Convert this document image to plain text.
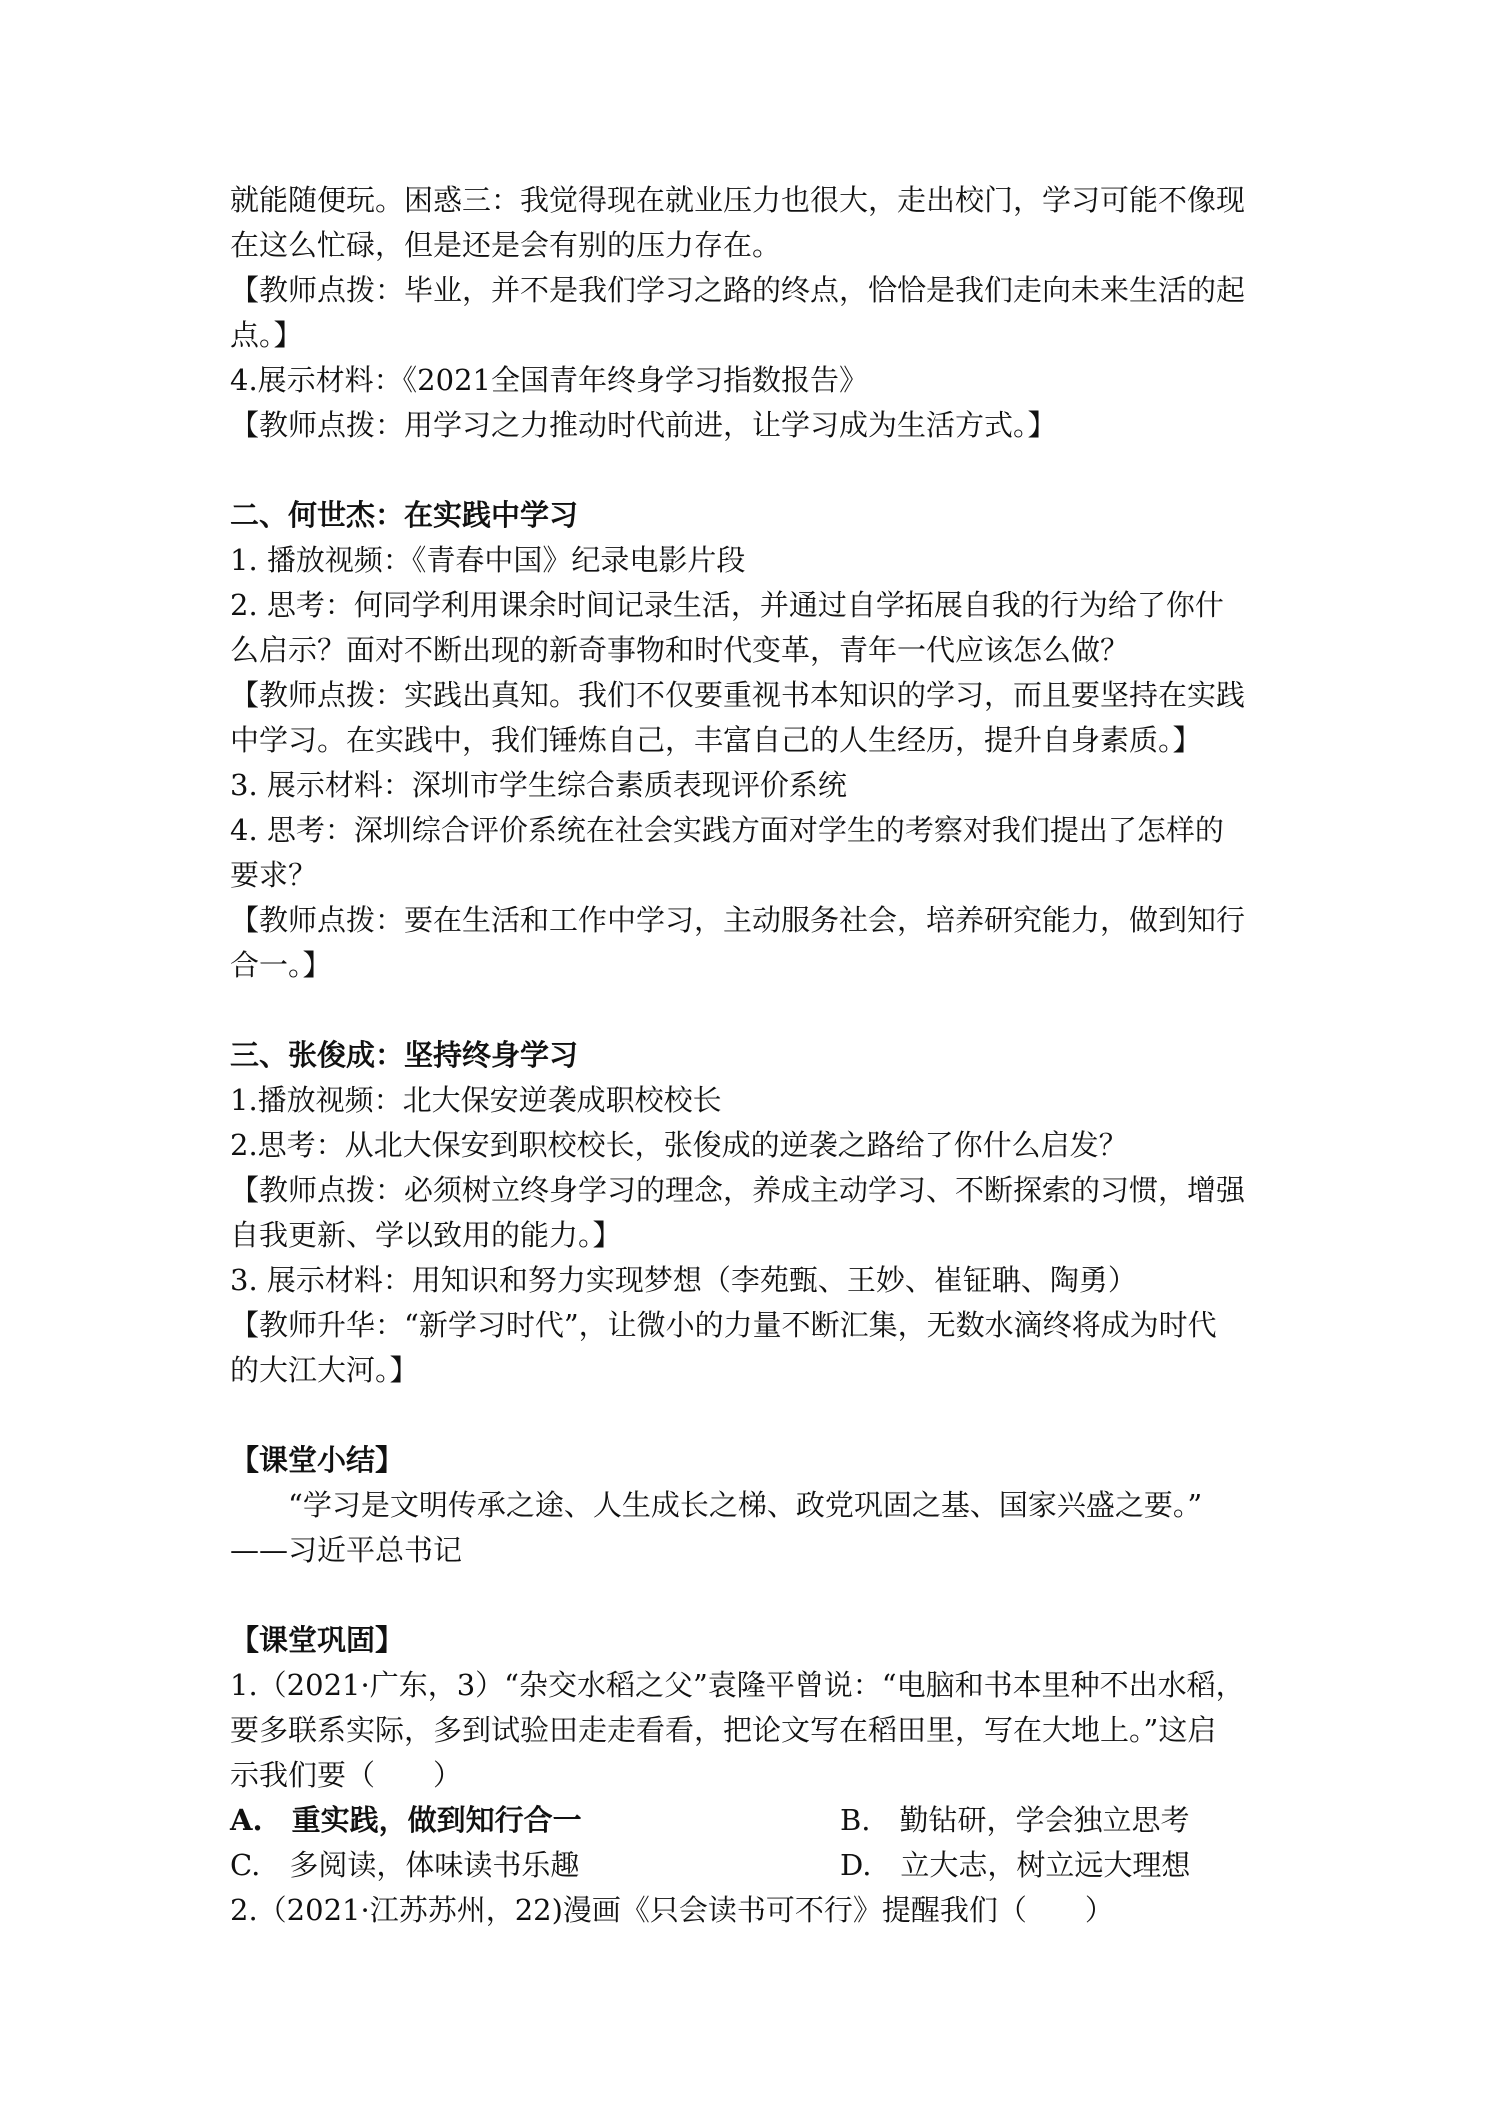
就能随便玩。困惑三：我觉得现在就业压力也很大，走出校门，学习可能不像现

在这么忙碌，但是还是会有别的压力存在。

【教师点拨：毕业，并不是我们学习之路的终点，恰恰是我们走向未来生活的起

点。】

4.展示材料：《2021全国青年终身学习指数报告》

【教师点拨：用学习之力推动时代前进，让学习成为生活方式。】

二、何世杰：在实践中学习

1. 播放视频：《青春中国》纪录电影片段

2. 思考：何同学利用课余时间记录生活，并通过自学拓展自我的行为给了你什

么启示？面对不断出现的新奇事物和时代变革，青年一代应该怎么做？

【教师点拨：实践出真知。我们不仅要重视书本知识的学习，而且要坚持在实践

中学习。在实践中，我们锤炼自己，丰富自己的人生经历，提升自身素质。】

3. 展示材料：深圳市学生综合素质表现评价系统

4. 思考：深圳综合评价系统在社会实践方面对学生的考察对我们提出了怎样的

要求？

【教师点拨：要在生活和工作中学习，主动服务社会，培养研究能力，做到知行

合一。】

三、张俊成：坚持终身学习

1.播放视频：北大保安逆袭成职校校长

2.思考：从北大保安到职校校长，张俊成的逆袭之路给了你什么启发？

【教师点拨：必须树立终身学习的理念，养成主动学习、不断探索的习惯，增强

自我更新、学以致用的能力。】

3. 展示材料：用知识和努力实现梦想（李苑甄、王妙、崔钲聃、陶勇）

【教师升华：“新学习时代”，让微小的力量不断汇集，无数水滴终将成为时代

的大江大河。】

【课堂小结】

“学习是文明传承之途、人生成长之梯、政党巩固之基、国家兴盛之要。”

——习近平总书记

【课堂巩固】

1.（2021·广东，3）“杂交水稻之父”袁隆平曾说：“电脑和书本里种不出水稻，

要多联系实际，多到试验田走走看看，把论文写在稻田里，写在大地上。”这启

示我们要（　　）

A.　重实践，做到知行合一	B.　勤钻研，学会独立思考

C.　多阅读，体味读书乐趣	D.　立大志，树立远大理想

2.（2021·江苏苏州，22)漫画《只会读书可不行》提醒我们（　　）
